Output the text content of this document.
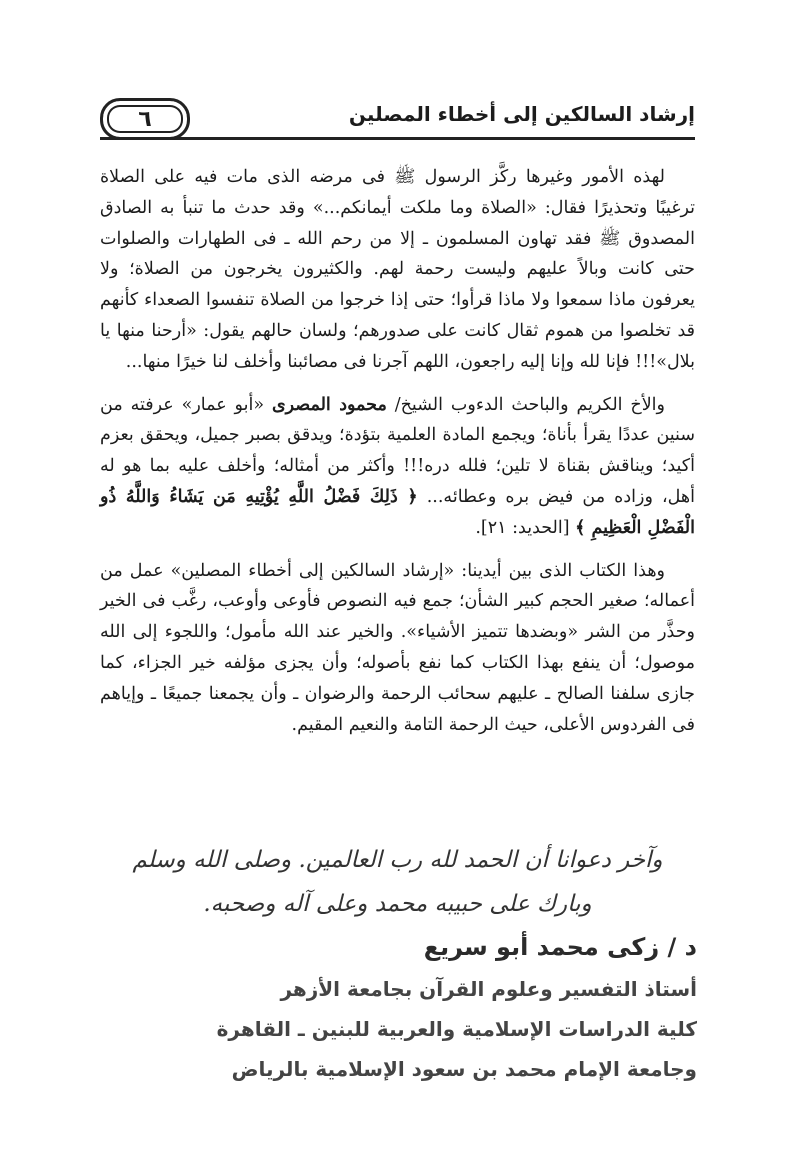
٦	إرشاد السالكين إلى أخطاء المصلين

لهذه الأمور وغيرها ركَّز الرسول ﷺ فى مرضه الذى مات فيه على الصلاة ترغيبًا وتحذيرًا فقال: «الصلاة وما ملكت أيمانكم...» وقد حدث ما تنبأ به الصادق المصدوق ﷺ فقد تهاون المسلمون ـ إلا من رحم الله ـ فى الطهارات والصلوات حتى كانت وبالاً عليهم وليست رحمة لهم. والكثيرون يخرجون من الصلاة؛ ولا يعرفون ماذا سمعوا ولا ماذا قرأوا؛ حتى إذا خرجوا من الصلاة تنفسوا الصعداء كأنهم قد تخلصوا من هموم ثقال كانت على صدورهم؛ ولسان حالهم يقول: «أرحنا منها يا بلال»!!! فإنا لله وإنا إليه راجعون، اللهم آجرنا فى مصائبنا وأخلف لنا خيرًا منها...

والأخ الكريم والباحث الدءوب الشيخ/ محمود المصرى «أبو عمار» عرفته من سنين عددًا يقرأ بأناة؛ ويجمع المادة العلمية بتؤدة؛ ويدقق بصبر جميل، ويحقق بعزم أكيد؛ ويناقش بقناة لا تلين؛ فلله دره!!! وأكثر من أمثاله؛ وأخلف عليه بما هو له أهل، وزاده من فيض بره وعطائه... ﴿ ذَلِكَ فَضْلُ اللَّهِ يُؤْتِيهِ مَن يَشَاءُ وَاللَّهُ ذُو الْفَضْلِ الْعَظِيمِ ﴾ [الحديد: ٢١].

وهذا الكتاب الذى بين أيدينا: «إرشاد السالكين إلى أخطاء المصلين» عمل من أعماله؛ صغير الحجم كبير الشأن؛ جمع فيه النصوص فأوعى وأوعب، رغَّب فى الخير وحذَّر من الشر «وبضدها تتميز الأشياء». والخير عند الله مأمول؛ واللجوء إلى الله موصول؛ أن ينفع بهذا الكتاب كما نفع بأصوله؛ وأن يجزى مؤلفه خير الجزاء، كما جازى سلفنا الصالح ـ عليهم سحائب الرحمة والرضوان ـ وأن يجمعنا جميعًا ـ وإياهم فى الفردوس الأعلى، حيث الرحمة التامة والنعيم المقيم.

وآخر دعوانا أن الحمد لله رب العالمين. وصلى الله وسلم
وبارك على حبيبه محمد وعلى آله وصحبه.
د / زكى محمد أبو سريع
أستاذ التفسير وعلوم القرآن بجامعة الأزهر
كلية الدراسات الإسلامية والعربية للبنين ـ القاهرة
وجامعة الإمام محمد بن سعود الإسلامية بالرياض
